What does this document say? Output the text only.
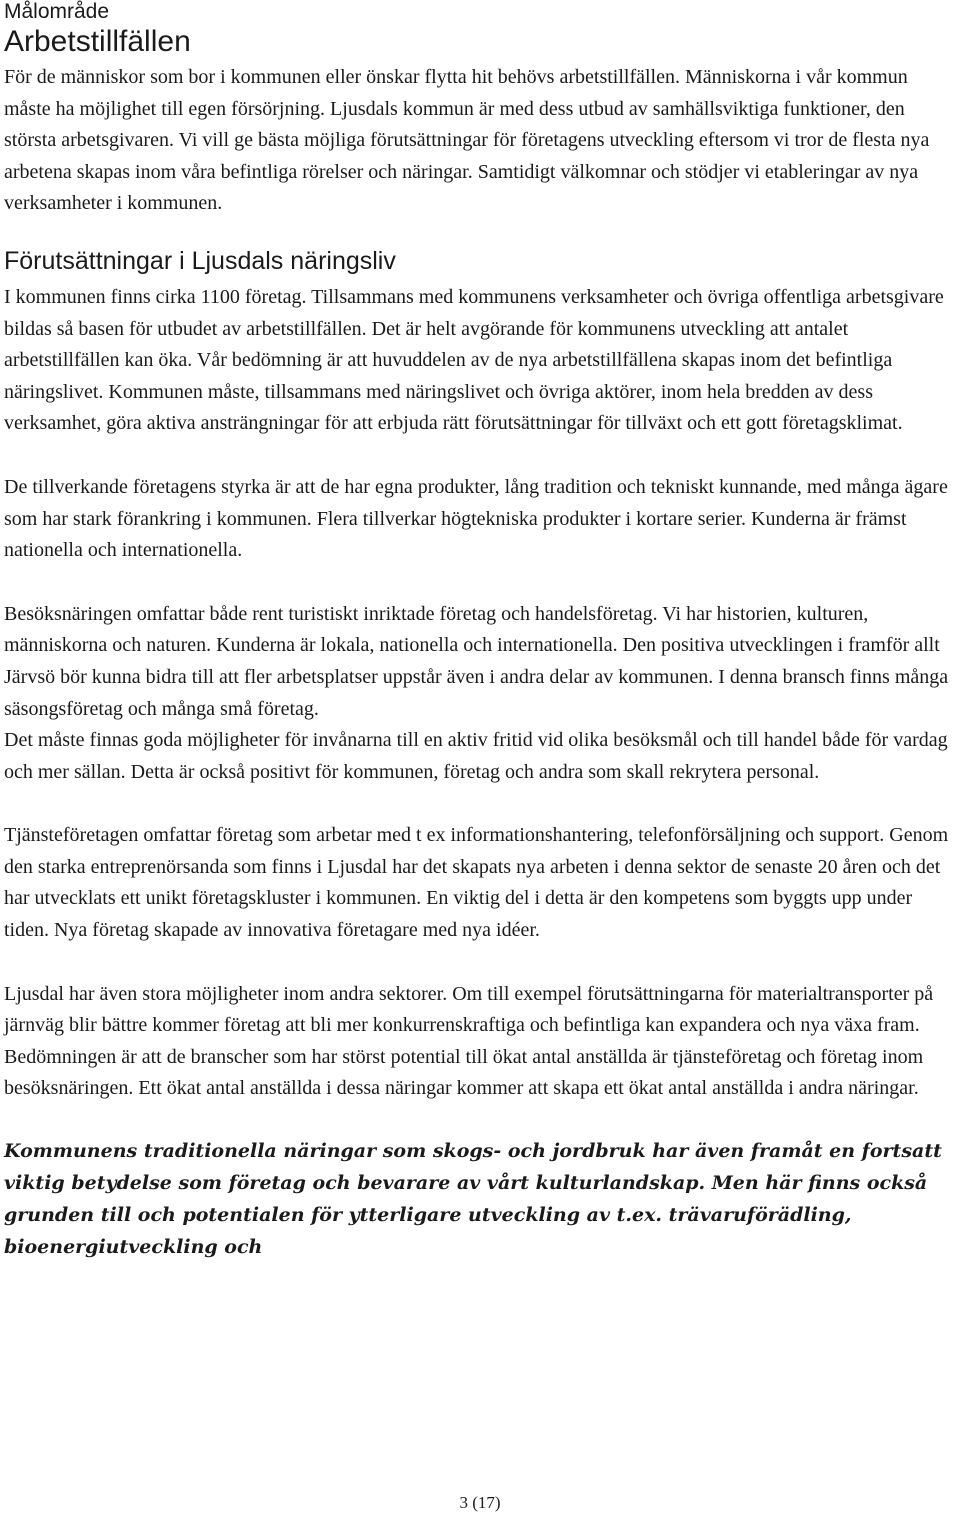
Målområde
Arbetstillfällen

För de människor som bor i kommunen eller önskar flytta hit behövs arbetstillfällen. Människorna i vår kommun måste ha möjlighet till egen försörjning. Ljusdals kommun är med dess utbud av samhällsviktiga funktioner, den största arbetsgivaren. Vi vill ge bästa möjliga förutsättningar för företagens utveckling eftersom vi tror de flesta nya arbetena skapas inom våra befintliga rörelser och näringar. Samtidigt välkomnar och stödjer vi etableringar av nya verksamheter i kommunen.

Förutsättningar i Ljusdals näringsliv

I kommunen finns cirka 1100 företag. Tillsammans med kommunens verksamheter och övriga offentliga arbetsgivare bildas så basen för utbudet av arbetstillfällen. Det är helt avgörande för kommunens utveckling att antalet arbetstillfällen kan öka. Vår bedömning är att huvuddelen av de nya arbetstillfällena skapas inom det befintliga näringslivet. Kommunen måste, tillsammans med näringslivet och övriga aktörer, inom hela bredden av dess verksamhet, göra aktiva ansträngningar för att erbjuda rätt förutsättningar för tillväxt och ett gott företagsklimat.

De tillverkande företagens styrka är att de har egna produkter, lång tradition och tekniskt kunnande, med många ägare som har stark förankring i kommunen. Flera tillverkar högtekniska produkter i kortare serier. Kunderna är främst nationella och internationella.

Besöksnäringen omfattar både rent turistiskt inriktade företag och handelsföretag. Vi har historien, kulturen, människorna och naturen. Kunderna är lokala, nationella och internationella. Den positiva utvecklingen i framför allt Järvsö bör kunna bidra till att fler arbetsplatser uppstår även i andra delar av kommunen. I denna bransch finns många säsongsföretag och många små företag.

Det måste finnas goda möjligheter för invånarna till en aktiv fritid vid olika besöksmål och till handel både för vardag och mer sällan. Detta är också positivt för kommunen, företag och andra som skall rekrytera personal.

Tjänsteföretagen omfattar företag som arbetar med t ex informationshantering, telefonförsäljning och support. Genom den starka entreprenörsanda som finns i Ljusdal har det skapats nya arbeten i denna sektor de senaste 20 åren och det har utvecklats ett unikt företagskluster i kommunen. En viktig del i detta är den kompetens som byggts upp under tiden. Nya företag skapade av innovativa företagare med nya idéer.

Ljusdal har även stora möjligheter inom andra sektorer. Om till exempel förutsättningarna för materialtransporter på järnväg blir bättre kommer företag att bli mer konkurrenskraftiga och befintliga kan expandera och nya växa fram. Bedömningen är att de branscher som har störst potential till ökat antal anställda är tjänsteföretag och företag inom besöksnäringen. Ett ökat antal anställda i dessa näringar kommer att skapa ett ökat antal anställda i andra näringar.

Kommunens traditionella näringar som skogs- och jordbruk har även framåt en fortsatt viktig betydelse som företag och bevarare av vårt kulturlandskap. Men här finns också grunden till och potentialen för ytterligare utveckling av t.ex. trävaruförädling, bioenergiutveckling och

3 (17)
